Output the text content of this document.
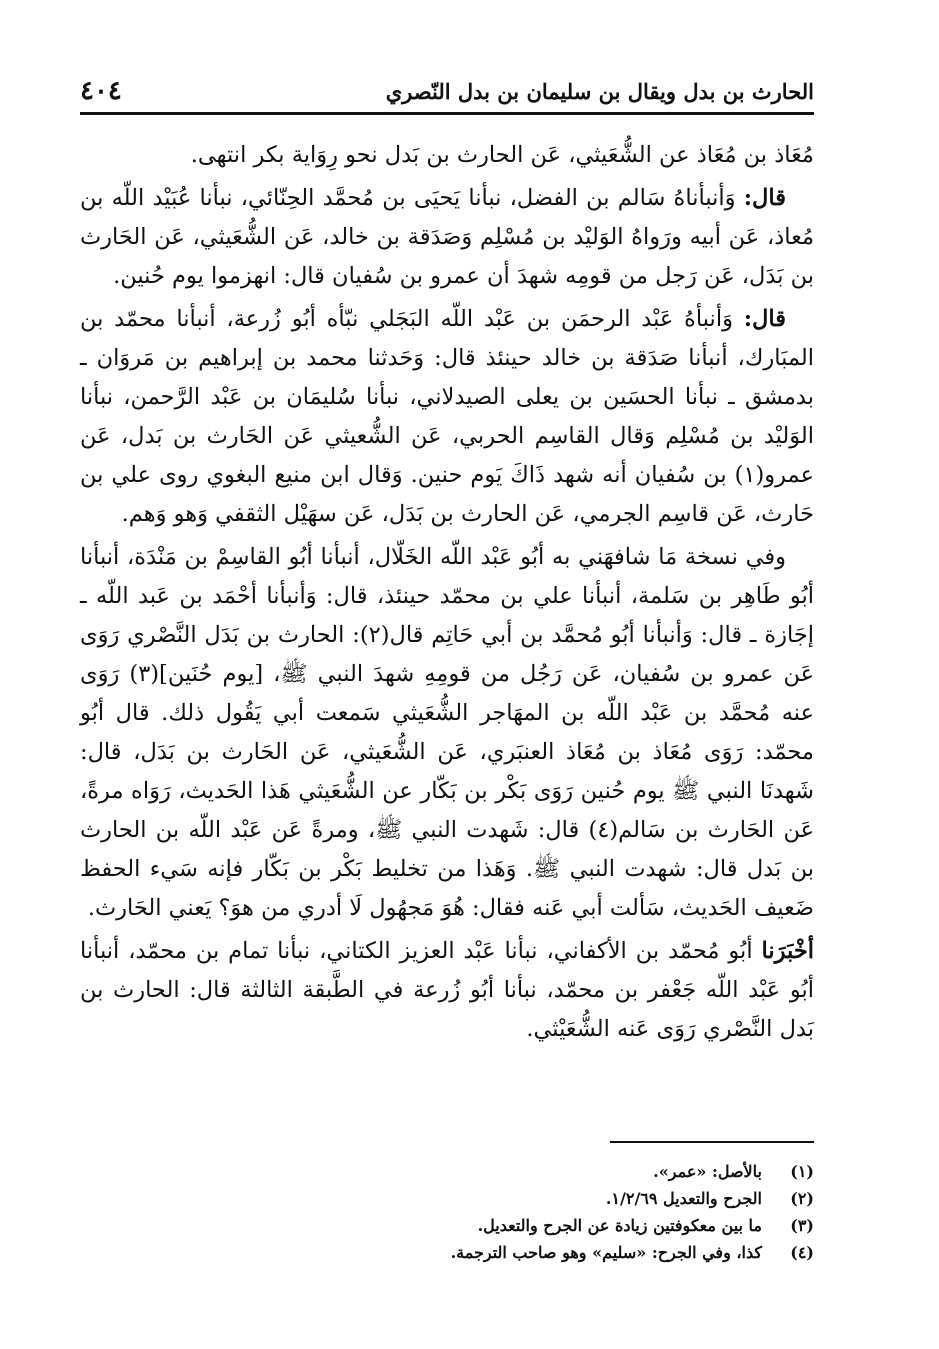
الحارث بن بدل ويقال بن سليمان بن بدل النّصري
٤٠٤

مُعَاذ بن مُعَاذ عن الشُّعَيثي، عَن الحارث بن بَدل نحو رِوَاية بكر انتهى.

قال: وَأنبأناهُ سَالم بن الفضل، نبأنا يَحيَى بن مُحمَّد الحِنّائي، نبأنا عُبَيْد اللّه بن مُعاذ، عَن أبيه ورَواهُ الوَليْد بن مُسْلِم وَصَدَقة بن خالد، عَن الشُّعَيثي، عَن الحَارث بن بَدَل، عَن رَجل من قومِه شهدَ أن عمرو بن سُفيان قال: انهزموا يوم حُنين.

قال: وَأنبأهُ عَبْد الرحمَن بن عَبْد اللّه البَجَلي نبّأه أبُو زُرعة، أنبأنا محمّد بن المبَارك، أنبأنا صَدَقة بن خالد حينئذ قال: وَحَدثنا محمد بن إبراهيم بن مَروَان ـ بدمشق ـ نبأنا الحسَين بن يعلى الصيدلاني، نبأنا سُليمَان بن عَبْد الرَّحمن، نبأنا الوَليْد بن مُسْلِم وَقال القاسِم الحربي، عَن الشُّعيثي عَن الحَارث بن بَدل، عَن عمرو(١) بن سُفيان أنه شهد ذَاكَ يَوم حنين. وَقال ابن منيع البغوي روى علي بن حَارث، عَن قاسِم الجرمي، عَن الحارث بن بَدَل، عَن سهَيْل الثقفي وَهو وَهم.

وفي نسخة مَا شافهَني به أبُو عَبْد اللّه الخَلّال، أنبأنا أبُو القاسِمْ بن مَنْدَة، أنبأنا أبُو طَاهِر بن سَلمة، أنبأنا علي بن محمّد حينئذ، قال: وَأنبأنا أحْمَد بن عَبد اللّه ـ إجَازة ـ قال: وَأنبأنا أبُو مُحمَّد بن أبي حَاتِم قال(٢): الحارث بن بَدَل النَّصْري رَوَى عَن عمرو بن سُفيان، عَن رَجُل من قومِهِ شهدَ النبي ﷺ، [يوم حُنَين](٣) رَوَى عنه مُحمَّد بن عَبْد اللّه بن المهَاجر الشُّعَيثي سَمعت أبي يَقُول ذلك. قال أبُو محمّد: رَوَى مُعَاذ بن مُعَاذ العنبَري، عَن الشُّعَيثي، عَن الحَارث بن بَدَل، قال: شَهدنَا النبي ﷺ يوم حُنين رَوَى بَكْر بن بَكّار عن الشُّعَيثي هَذا الحَديث، رَوَاه مرةً، عَن الحَارث بن سَالم(٤) قال: شَهدت النبي ﷺ، ومرةً عَن عَبْد اللّه بن الحارث بن بَدل قال: شهدت النبي ﷺ. وَهَذا من تخليط بَكْر بن بَكّار فإنه سَيء الحفظ ضَعيف الحَديث، سَألت أبي عَنه فقال: هُوَ مَجهُول لَا أدري من هوَ؟ يَعني الحَارث.

أخْبَرَنا أبُو مُحمّد بن الأكفاني، نبأنا عَبْد العزيز الكتاني، نبأنا تمام بن محمّد، أنبأنا أبُو عَبْد اللّه جَعْفر بن محمّد، نبأنا أبُو زُرعة في الطَّبقة الثالثة قال: الحارث بن بَدل النَّصْري رَوَى عَنه الشُّعَيْثي.

(١)
بالأصل: «عمر».
(٢)
الجرح والتعديل ١/٢/٦٩.
(٣)
ما بين معكوفتين زيادة عن الجرح والتعديل.
(٤)
كذا، وفي الجرح: «سليم» وهو صاحب الترجمة.
